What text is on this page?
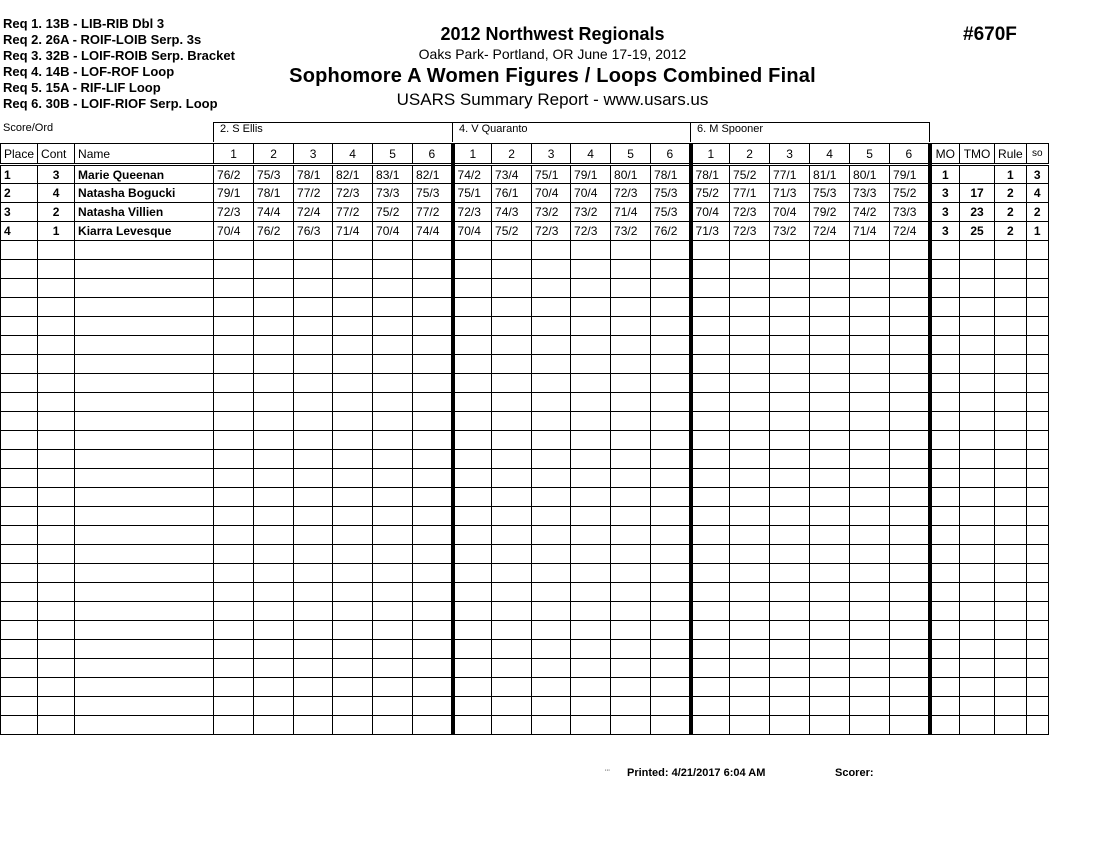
Req 1. 13B - LIB-RIB Dbl 3
Req 2. 26A - ROIF-LOIB Serp. 3s
Req 3. 32B - LOIF-ROIB Serp. Bracket
Req 4. 14B - LOF-ROF Loop
Req 5. 15A - RIF-LIF Loop
Req 6. 30B - LOIF-RIOF Serp. Loop
2012 Northwest Regionals
Oaks Park- Portland, OR June 17-19, 2012
Sophomore A Women Figures / Loops Combined Final
USARS Summary Report - www.usars.us
#670F
Score/Ord	2. S Ellis	4. V Quaranto	6. M Spooner
Place	Cont	Name	1	2	3	4	5	6	1	2	3	4	5	6	1	2	3	4	5	6	MO	TMO	Rule	so
1	3	Marie Queenan	76/2	75/3	78/1	82/1	83/1	82/1	74/2	73/4	75/1	79/1	80/1	78/1	78/1	75/2	77/1	81/1	80/1	79/1	1		1	3
2	4	Natasha Bogucki	79/1	78/1	77/2	72/3	73/3	75/3	75/1	76/1	70/4	70/4	72/3	75/3	75/2	77/1	71/3	75/3	73/3	75/2	3	17	2	4
3	2	Natasha Villien	72/3	74/4	72/4	77/2	75/2	77/2	72/3	74/3	73/2	73/2	71/4	75/3	70/4	72/3	70/4	79/2	74/2	73/3	3	23	2	2
4	1	Kiarra Levesque	70/4	76/2	76/3	71/4	70/4	74/4	70/4	75/2	72/3	72/3	73/2	76/2	71/3	72/3	73/2	72/4	71/4	72/4	3	25	2	1

··· Printed: 4/21/2017 6:04 AM	Scorer:
